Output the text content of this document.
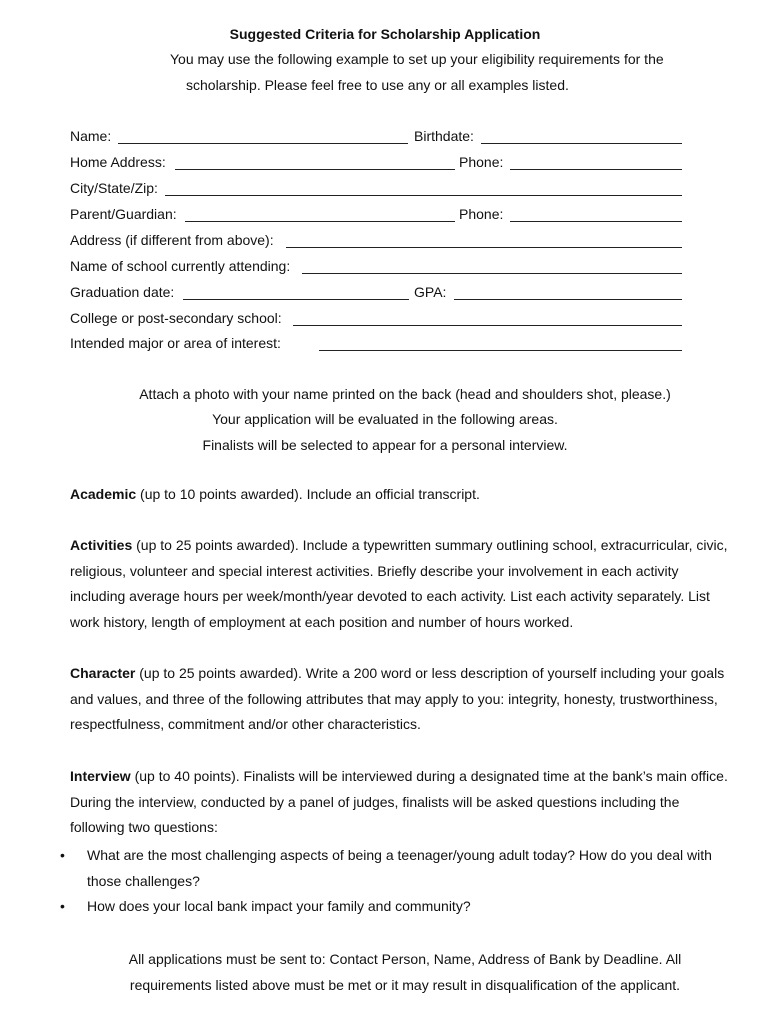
Suggested Criteria for Scholarship Application
You may use the following example to set up your eligibility requirements for the
scholarship. Please feel free to use any or all examples listed.
Name:	Birthdate:
Home Address:	Phone:
City/State/Zip:
Parent/Guardian:	Phone:
Address (if different from above):
Name of school currently attending:
Graduation date:	GPA:
College or post-secondary school:
Intended major or area of interest:
Attach a photo with your name printed on the back (head and shoulders shot, please.)
Your application will be evaluated in the following areas.
Finalists will be selected to appear for a personal interview.
Academic (up to 10 points awarded). Include an official transcript.
Activities (up to 25 points awarded). Include a typewritten summary outlining school, extracurricular, civic, religious, volunteer and special interest activities. Briefly describe your involvement in each activity including average hours per week/month/year devoted to each activity. List each activity separately. List work history, length of employment at each position and number of hours worked.
Character (up to 25 points awarded). Write a 200 word or less description of yourself including your goals and values, and three of the following attributes that may apply to you: integrity, honesty, trustworthiness, respectfulness, commitment and/or other characteristics.
Interview (up to 40 points). Finalists will be interviewed during a designated time at the bank’s main office. During the interview, conducted by a panel of judges, finalists will be asked questions including the following two questions:
•	What are the most challenging aspects of being a teenager/young adult today? How do you deal with those challenges?
•	How does your local bank impact your family and community?
All applications must be sent to: Contact Person, Name, Address of Bank by Deadline. All
requirements listed above must be met or it may result in disqualification of the applicant.
